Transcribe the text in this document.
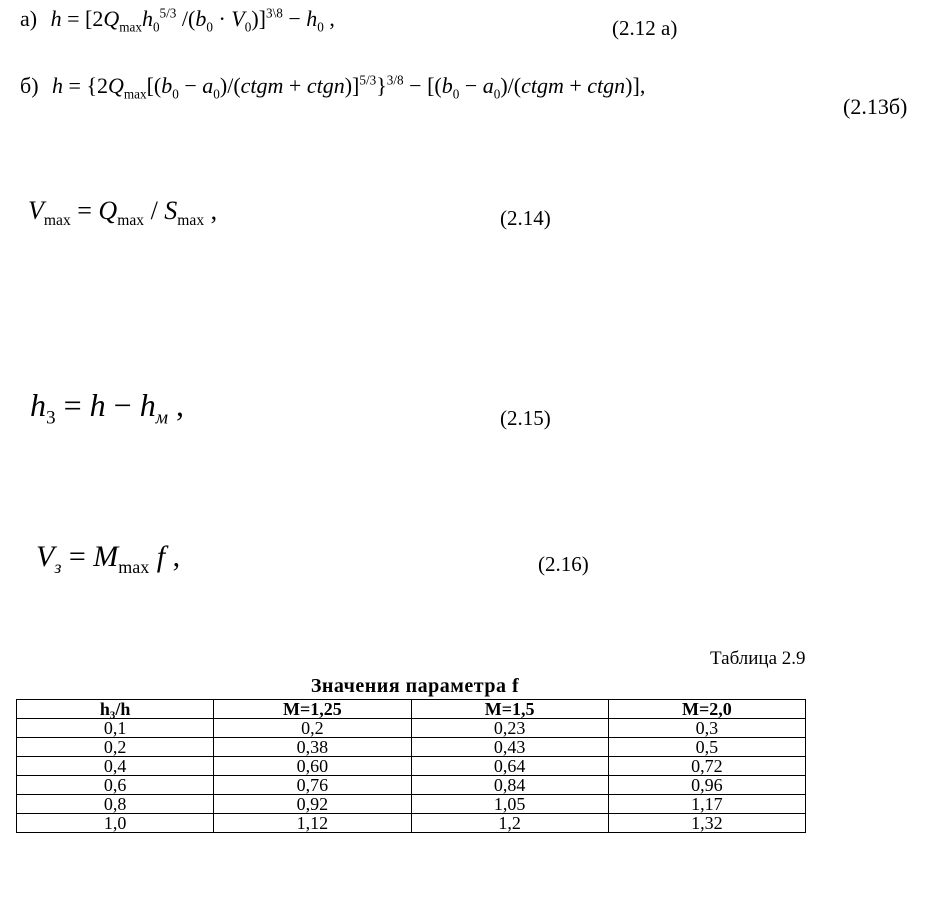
а) $h = [2Q_{max}h_0^{5/3}$ $/(b_0 \cdot V_0)]^{3\backslash 8} - h_0$ ,	(2.12 а)
б) $h = \{2Q_{max}[(b_0$ − $a_0)/(ctgm$ + ctgn)]$^{5/3}$}$^{3/8}$ − [($b_0$ − $a_0)/(ctgm$ + ctgn)],
(2.13б)
$V_{max} = Q_{max} / S_{max}$ ,	(2.14)
$h_3 = h - h_м$ ,	(2.15)
$V_з = M_{max}$ f ,	(2.16)
Таблица 2.9
Значения параметра f
h₃/h	M=1,25	M=1,5	M=2,0
0,1	0,2	0,23	0,3
0,2	0,38	0,43	0,5
0,4	0,60	0,64	0,72
0,6	0,76	0,84	0,96
0,8	0,92	1,05	1,17
1,0	1,12	1,2	1,32
